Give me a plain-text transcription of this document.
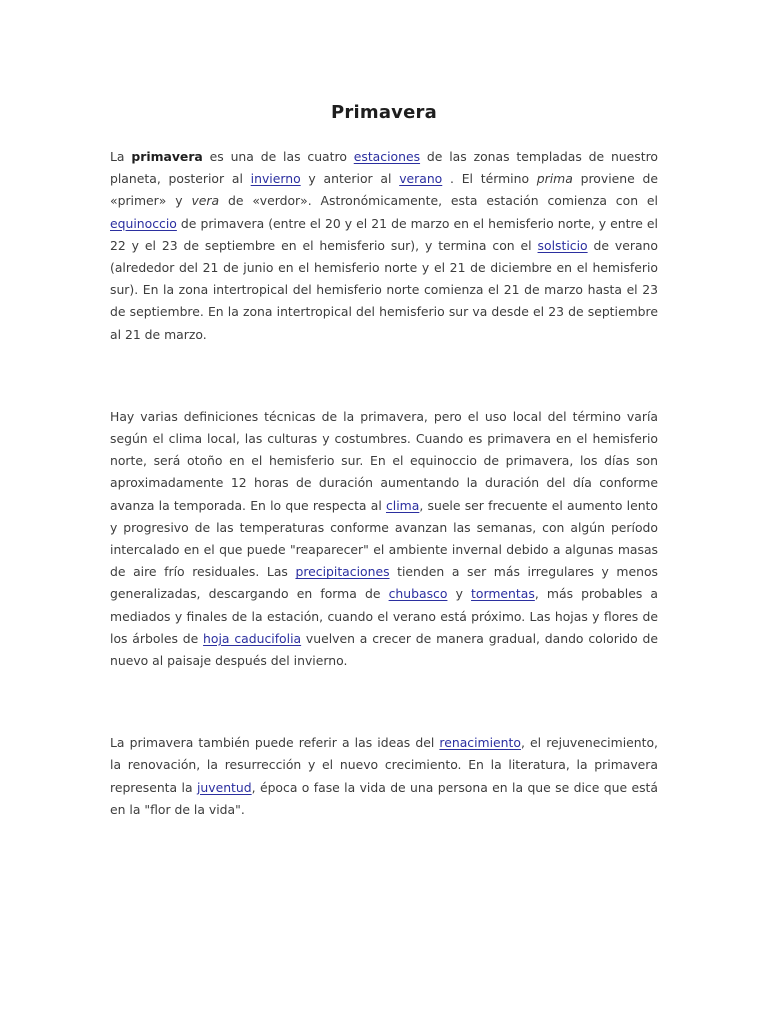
Primavera

La primavera es una de las cuatro estaciones de las zonas templadas de nuestro planeta, posterior al invierno y anterior al verano . El término prima proviene de «primer» y vera de «verdor». Astronómicamente, esta estación comienza con el equinoccio de primavera (entre el 20 y el 21 de marzo en el hemisferio norte, y entre el 22 y el 23 de septiembre en el hemisferio sur), y termina con el solsticio de verano (alrededor del 21 de junio en el hemisferio norte y el 21 de diciembre en el hemisferio sur). En la zona intertropical del hemisferio norte comienza el 21 de marzo hasta el 23 de septiembre. En la zona intertropical del hemisferio sur va desde el 23 de septiembre al 21 de marzo.

Hay varias definiciones técnicas de la primavera, pero el uso local del término varía según el clima local, las culturas y costumbres. Cuando es primavera en el hemisferio norte, será otoño en el hemisferio sur. En el equinoccio de primavera, los días son aproximadamente 12 horas de duración aumentando la duración del día conforme avanza la temporada. En lo que respecta al clima, suele ser frecuente el aumento lento y progresivo de las temperaturas conforme avanzan las semanas, con algún período intercalado en el que puede "reaparecer" el ambiente invernal debido a algunas masas de aire frío residuales. Las precipitaciones tienden a ser más irregulares y menos generalizadas, descargando en forma de chubasco y tormentas, más probables a mediados y finales de la estación, cuando el verano está próximo. Las hojas y flores de los árboles de hoja caducifolia vuelven a crecer de manera gradual, dando colorido de nuevo al paisaje después del invierno.

La primavera también puede referir a las ideas del renacimiento, el rejuvenecimiento, la renovación, la resurrección y el nuevo crecimiento. En la literatura, la primavera representa la juventud, época o fase la vida de una persona en la que se dice que está en la "flor de la vida".
